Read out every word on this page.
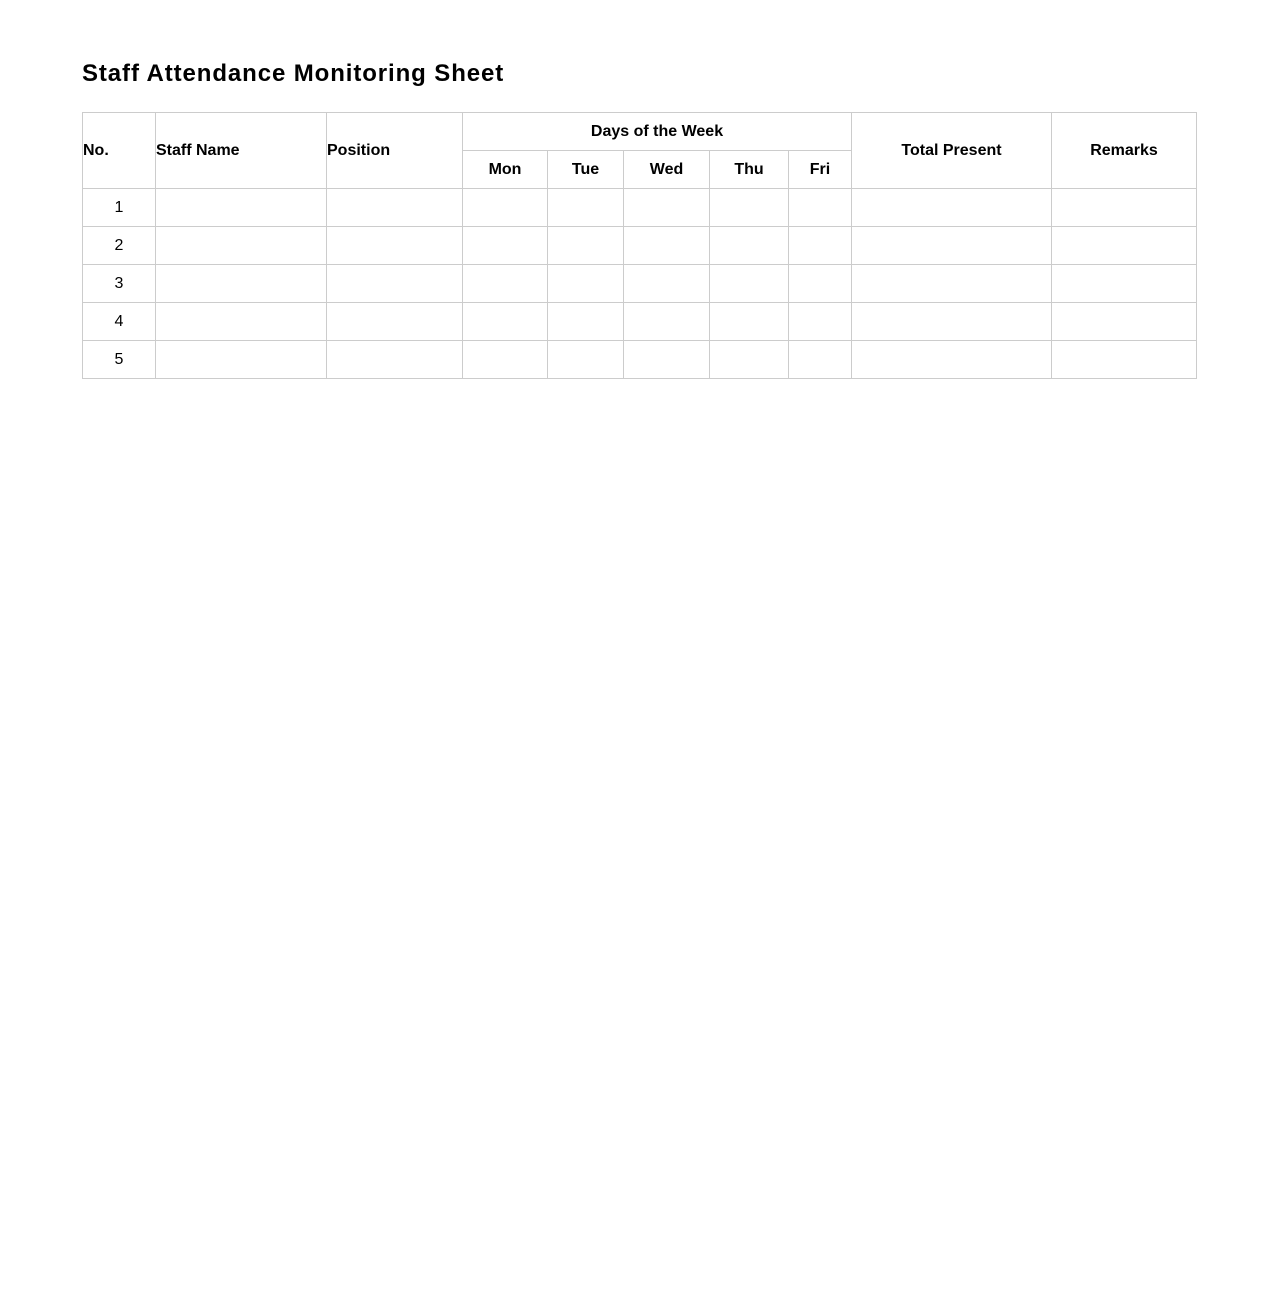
Staff Attendance Monitoring Sheet
No.	Staff Name	Position	Days of the Week					Total Present	Remarks
			Mon	Tue	Wed	Thu	Fri		
1									
2									
3									
4									
5									
